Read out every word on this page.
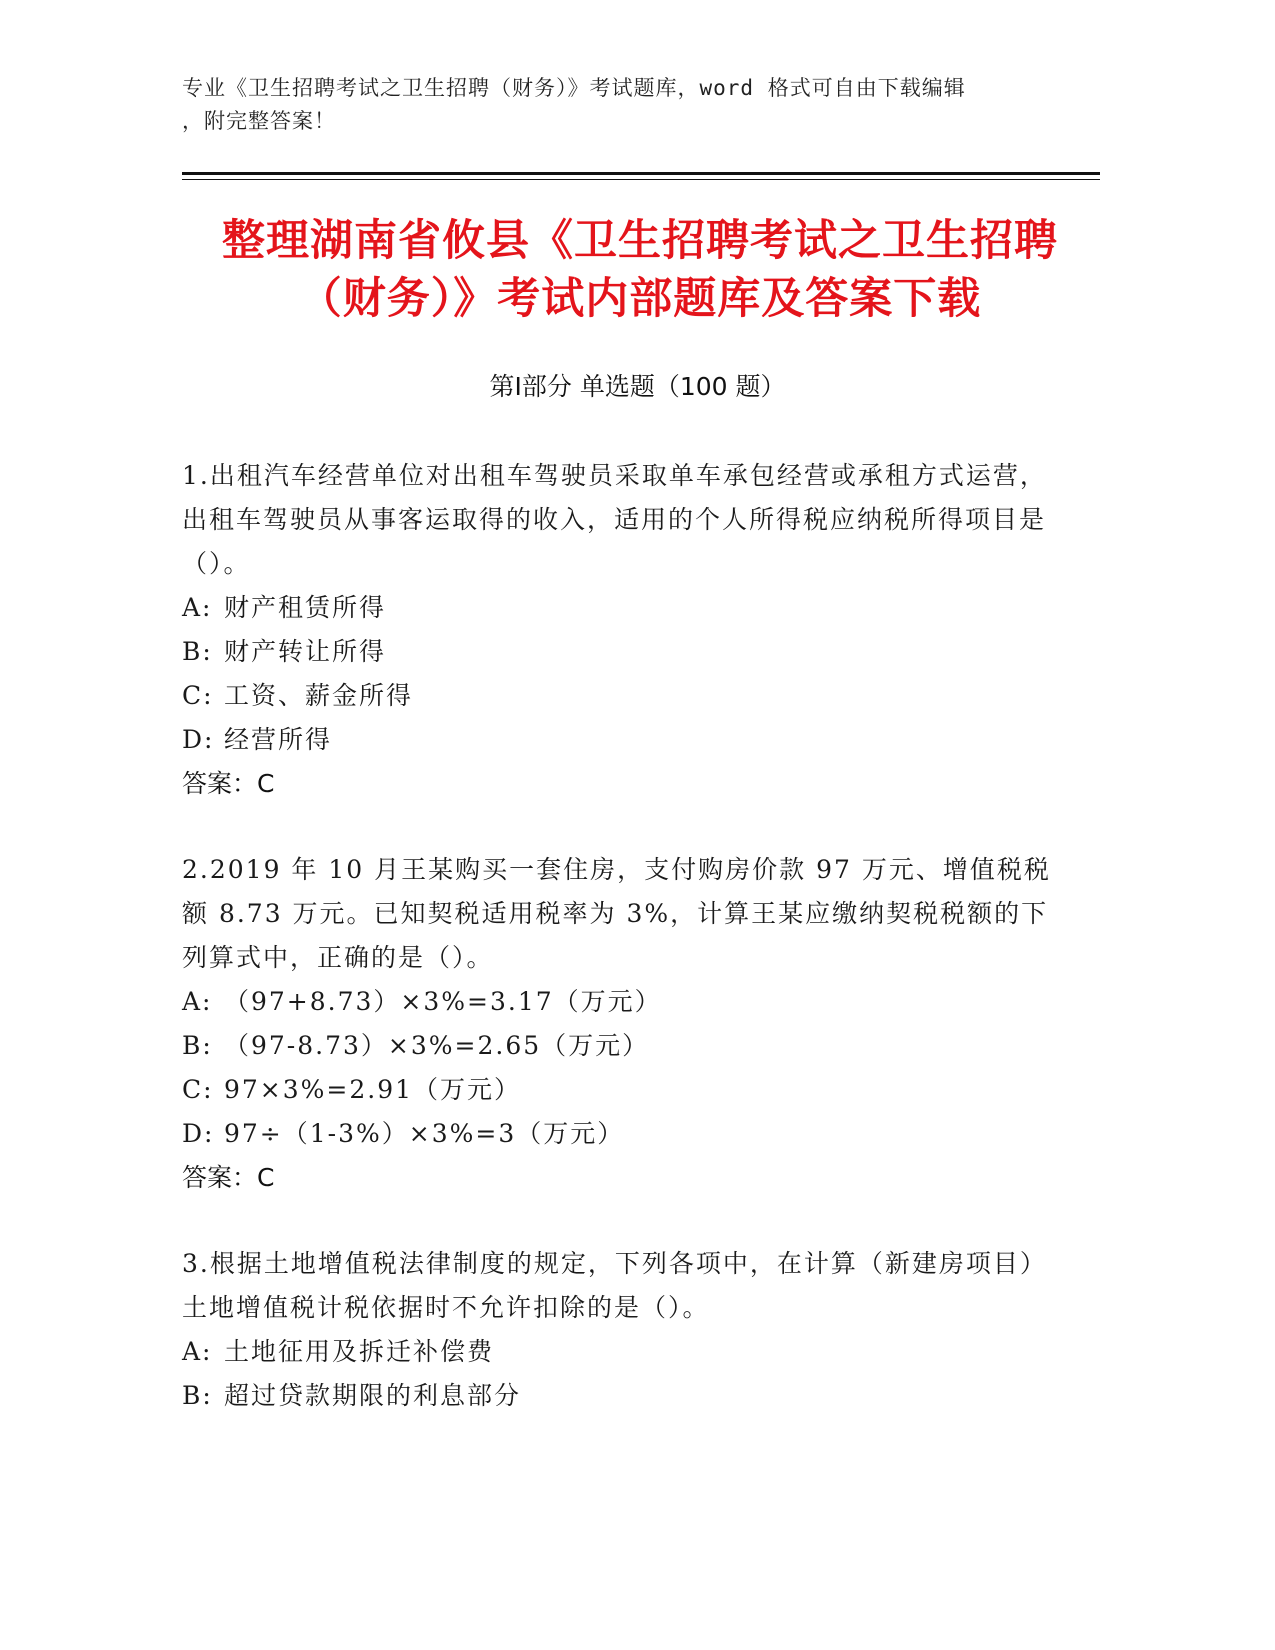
专业《卫生招聘考试之卫生招聘（财务）》考试题库，word 格式可自由下载编辑
，附完整答案！
整理湖南省攸县《卫生招聘考试之卫生招聘
（财务）》考试内部题库及答案下载
第Ⅰ部分 单选题（100 题）
1.出租汽车经营单位对出租车驾驶员采取单车承包经营或承租方式运营，出租车驾驶员从事客运取得的收入，适用的个人所得税应纳税所得项目是（）。
A: 财产租赁所得
B: 财产转让所得
C: 工资、薪金所得
D: 经营所得
答案：C
2.2019 年 10 月王某购买一套住房，支付购房价款 97 万元、增值税税额 8.73 万元。已知契税适用税率为 3%，计算王某应缴纳契税税额的下列算式中，正确的是（）。
A: （97+8.73）×3%=3.17（万元）
B: （97-8.73）×3%=2.65（万元）
C: 97×3%=2.91（万元）
D: 97÷（1-3%）×3%=3（万元）
答案：C
3.根据土地增值税法律制度的规定，下列各项中，在计算（新建房项目）土地增值税计税依据时不允许扣除的是（）。
A: 土地征用及拆迁补偿费
B: 超过贷款期限的利息部分
